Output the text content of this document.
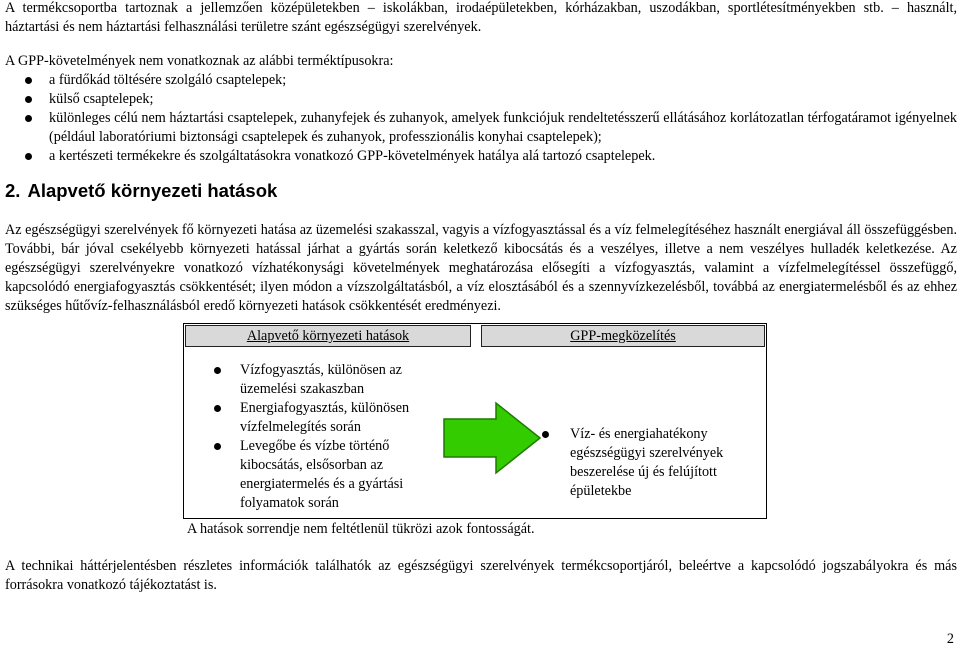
A termékcsoportba tartoznak a jellemzően középületekben – iskolákban, irodaépületekben, kórházakban, uszodákban, sportlétesítményekben stb. – használt,
háztartási és nem háztartási felhasználási területre szánt egészségügyi szerelvények.
A GPP-követelmények nem vonatkoznak az alábbi terméktípusokra:
a fürdőkád töltésére szolgáló csaptelepek;
külső csaptelepek;
különleges célú nem háztartási csaptelepek, zuhanyfejek és zuhanyok, amelyek funkciójuk rendeltetésszerű ellátásához korlátozatlan térfogatáramot igényelnek (például laboratóriumi biztonsági csaptelepek és zuhanyok, professzionális konyhai csaptelepek);
a kertészeti termékekre és szolgáltatásokra vonatkozó GPP-követelmények hatálya alá tartozó csaptelepek.
2. Alapvető környezeti hatások
Az egészségügyi szerelvények fő környezeti hatása az üzemelési szakasszal, vagyis a vízfogyasztással és a víz felmelegítéséhez használt energiával áll összefüggésben. További, bár jóval csekélyebb környezeti hatással járhat a gyártás során keletkező kibocsátás és a veszélyes, illetve a nem veszélyes hulladék keletkezése. Az egészségügyi szerelvényekre vonatkozó vízhatékonysági követelmények meghatározása elősegíti a vízfogyasztás, valamint a vízfelmelegítéssel összefüggő, kapcsolódó energiafogyasztás csökkentését; ilyen módon a vízszolgáltatásból, a víz elosztásából és a szennyvízkezelésből, továbbá az energiatermelésből és az ehhez szükséges hűtővíz-felhasználásból eredő környezeti hatások csökkentését eredményezi.
Alapvető környezeti hatások	GPP-megközelítés
Vízfogyasztás, különösen az üzemelési szakaszban
Energiafogyasztás, különösen vízfelmelegítés során
Levegőbe és vízbe történő kibocsátás, elsősorban az energiatermelés és a gyártási folyamatok során
Víz- és energiahatékony egészségügyi szerelvények beszerelése új és felújított épületekbe
A hatások sorrendje nem feltétlenül tükrözi azok fontosságát.
A technikai háttérjelentésben részletes információk találhatók az egészségügyi szerelvények termékcsoportjáról, beleértve a kapcsolódó jogszabályokra és más forrásokra vonatkozó tájékoztatást is.
2
